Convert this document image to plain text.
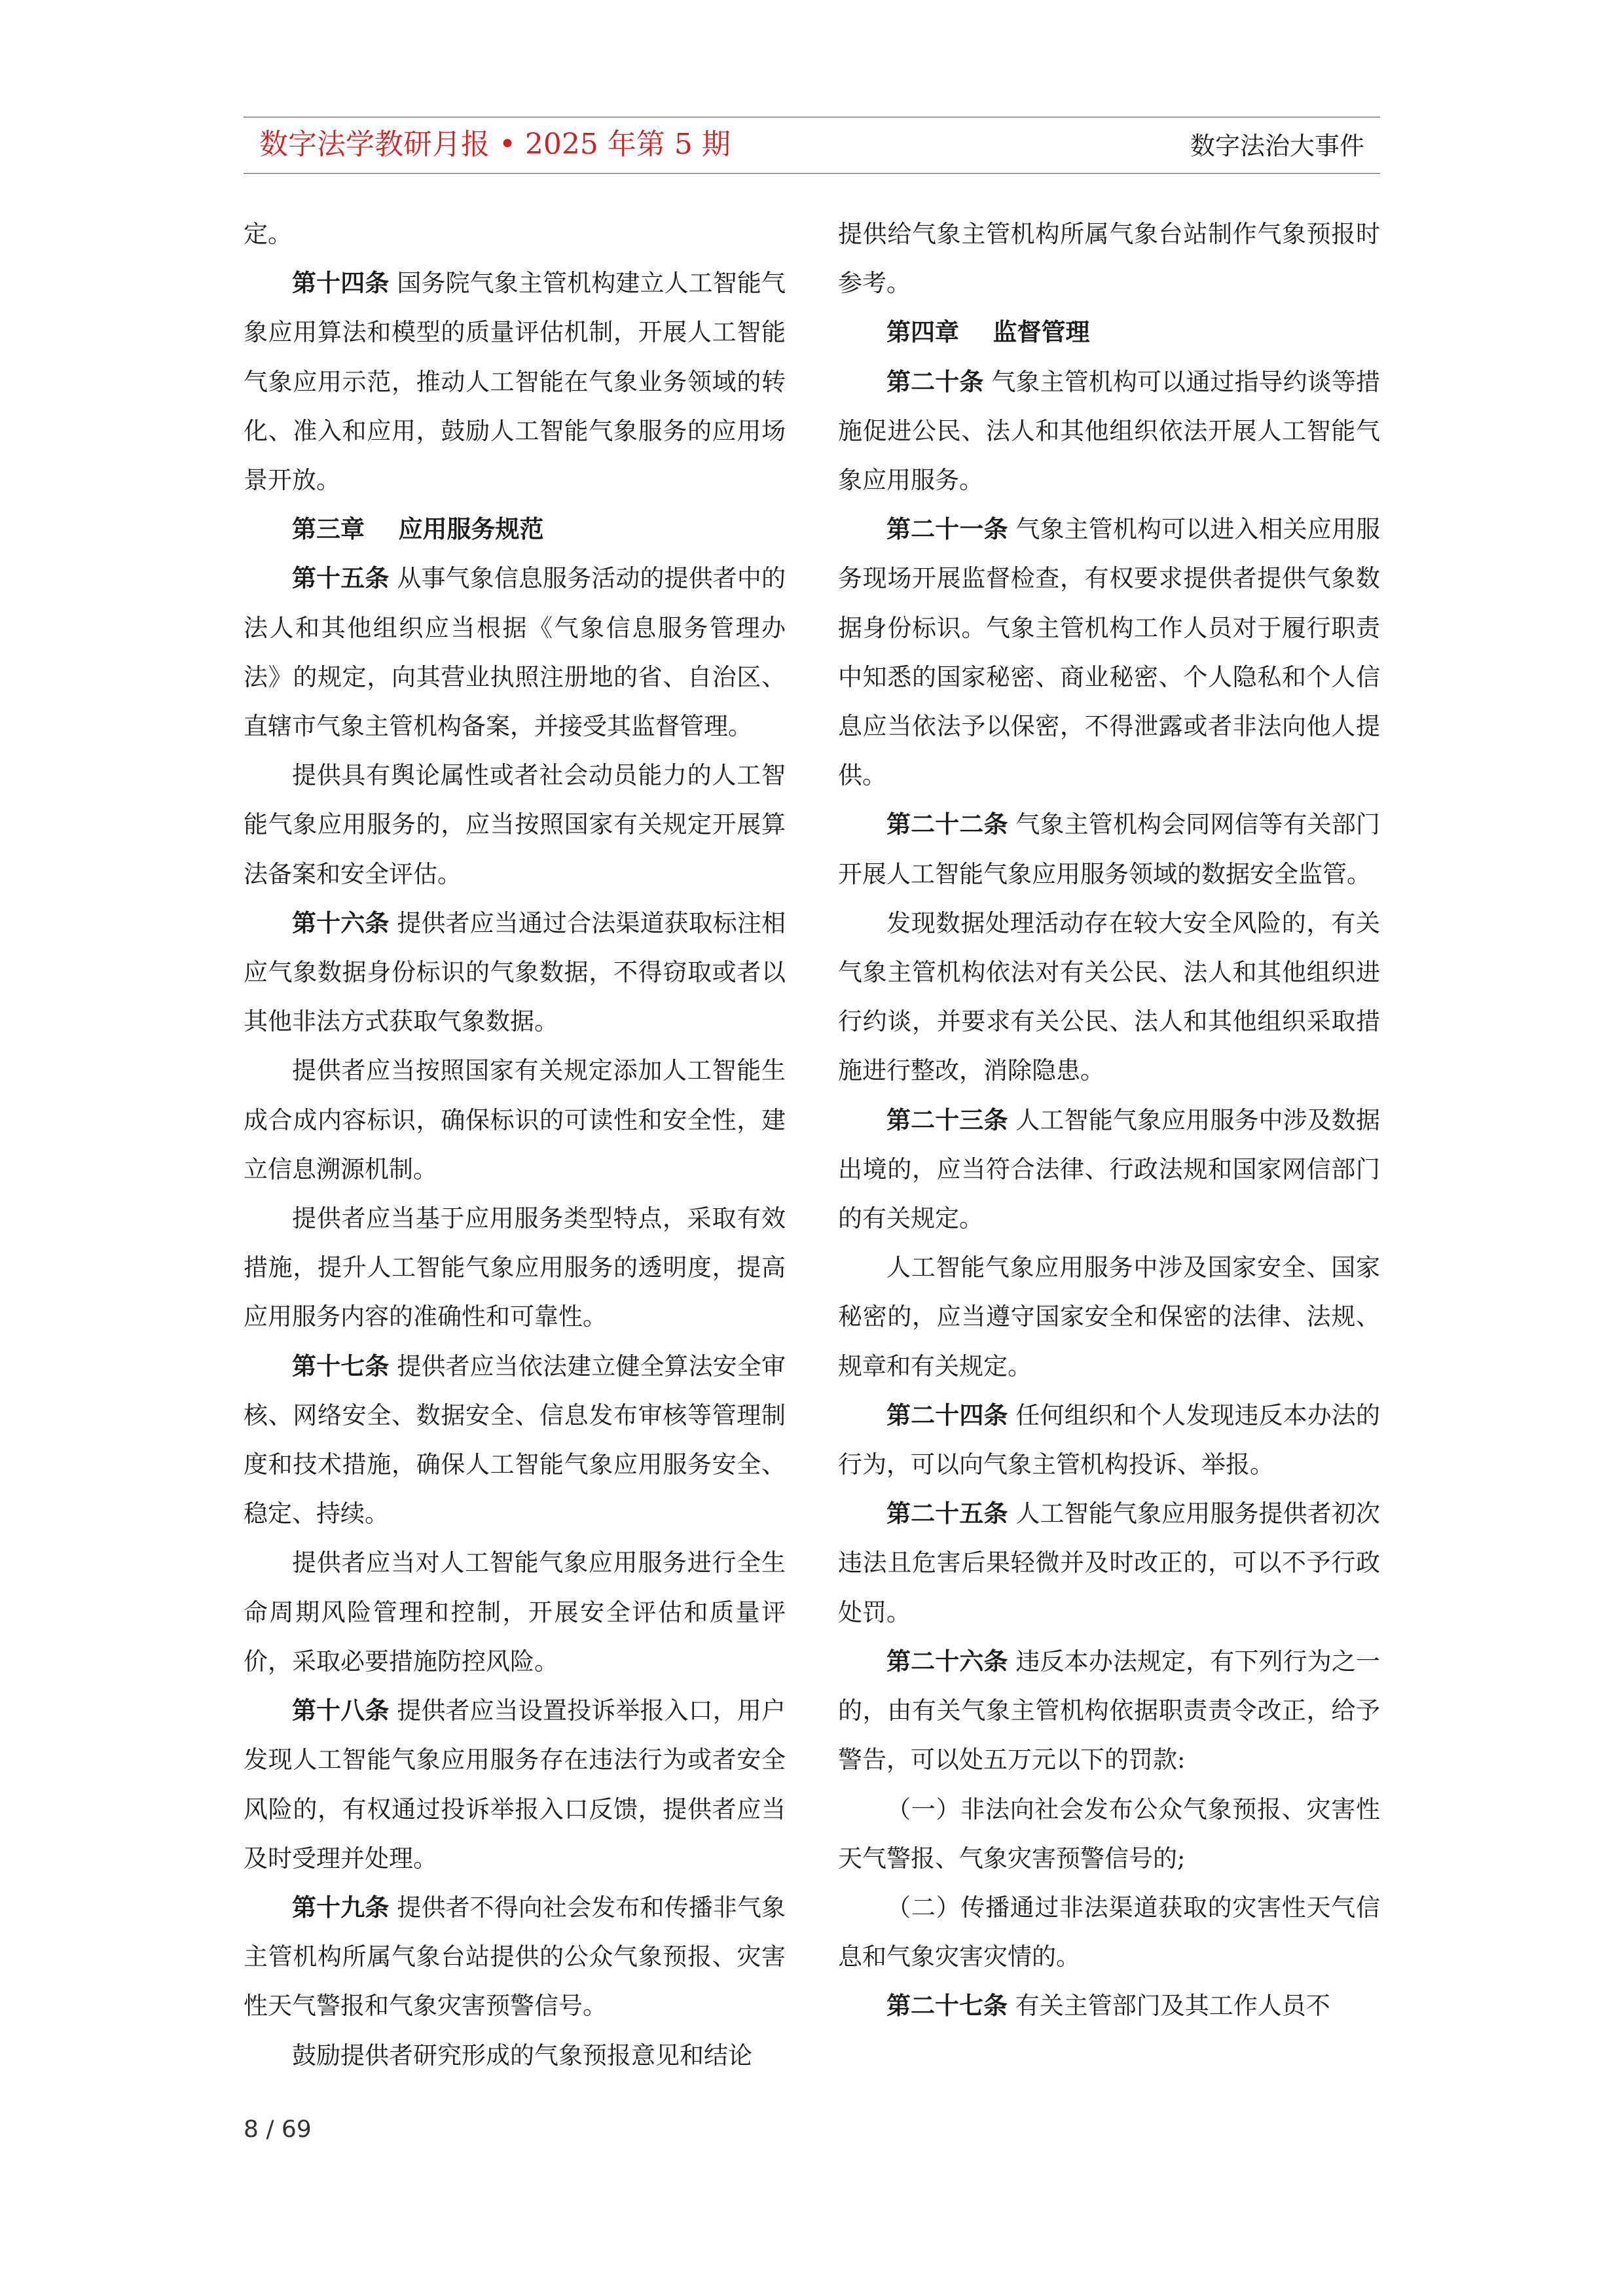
数字法学教研月报 • 2025 年第 5 期	数字法治大事件

定。

第十四条 国务院气象主管机构建立人工智能气象应用算法和模型的质量评估机制，开展人工智能气象应用示范，推动人工智能在气象业务领域的转化、准入和应用，鼓励人工智能气象服务的应用场景开放。

第三章    应用服务规范

第十五条 从事气象信息服务活动的提供者中的法人和其他组织应当根据《气象信息服务管理办法》的规定，向其营业执照注册地的省、自治区、直辖市气象主管机构备案，并接受其监督管理。

提供具有舆论属性或者社会动员能力的人工智能气象应用服务的，应当按照国家有关规定开展算法备案和安全评估。

第十六条 提供者应当通过合法渠道获取标注相应气象数据身份标识的气象数据，不得窃取或者以其他非法方式获取气象数据。

提供者应当按照国家有关规定添加人工智能生成合成内容标识，确保标识的可读性和安全性，建立信息溯源机制。

提供者应当基于应用服务类型特点，采取有效措施，提升人工智能气象应用服务的透明度，提高应用服务内容的准确性和可靠性。

第十七条 提供者应当依法建立健全算法安全审核、网络安全、数据安全、信息发布审核等管理制度和技术措施，确保人工智能气象应用服务安全、稳定、持续。

提供者应当对人工智能气象应用服务进行全生命周期风险管理和控制，开展安全评估和质量评价，采取必要措施防控风险。

第十八条 提供者应当设置投诉举报入口，用户发现人工智能气象应用服务存在违法行为或者安全风险的，有权通过投诉举报入口反馈，提供者应当及时受理并处理。

第十九条 提供者不得向社会发布和传播非气象主管机构所属气象台站提供的公众气象预报、灾害性天气警报和气象灾害预警信号。

鼓励提供者研究形成的气象预报意见和结论

提供给气象主管机构所属气象台站制作气象预报时参考。

第四章    监督管理

第二十条 气象主管机构可以通过指导约谈等措施促进公民、法人和其他组织依法开展人工智能气象应用服务。

第二十一条 气象主管机构可以进入相关应用服务现场开展监督检查，有权要求提供者提供气象数据身份标识。气象主管机构工作人员对于履行职责中知悉的国家秘密、商业秘密、个人隐私和个人信息应当依法予以保密，不得泄露或者非法向他人提供。

第二十二条 气象主管机构会同网信等有关部门开展人工智能气象应用服务领域的数据安全监管。

发现数据处理活动存在较大安全风险的，有关气象主管机构依法对有关公民、法人和其他组织进行约谈，并要求有关公民、法人和其他组织采取措施进行整改，消除隐患。

第二十三条 人工智能气象应用服务中涉及数据出境的，应当符合法律、行政法规和国家网信部门的有关规定。

人工智能气象应用服务中涉及国家安全、国家秘密的，应当遵守国家安全和保密的法律、法规、规章和有关规定。

第二十四条 任何组织和个人发现违反本办法的行为，可以向气象主管机构投诉、举报。

第二十五条 人工智能气象应用服务提供者初次违法且危害后果轻微并及时改正的，可以不予行政处罚。

第二十六条 违反本办法规定，有下列行为之一的，由有关气象主管机构依据职责责令改正，给予警告，可以处五万元以下的罚款:

（一）非法向社会发布公众气象预报、灾害性天气警报、气象灾害预警信号的;

（二）传播通过非法渠道获取的灾害性天气信息和气象灾害灾情的。

第二十七条 有关主管部门及其工作人员不

8 / 69
